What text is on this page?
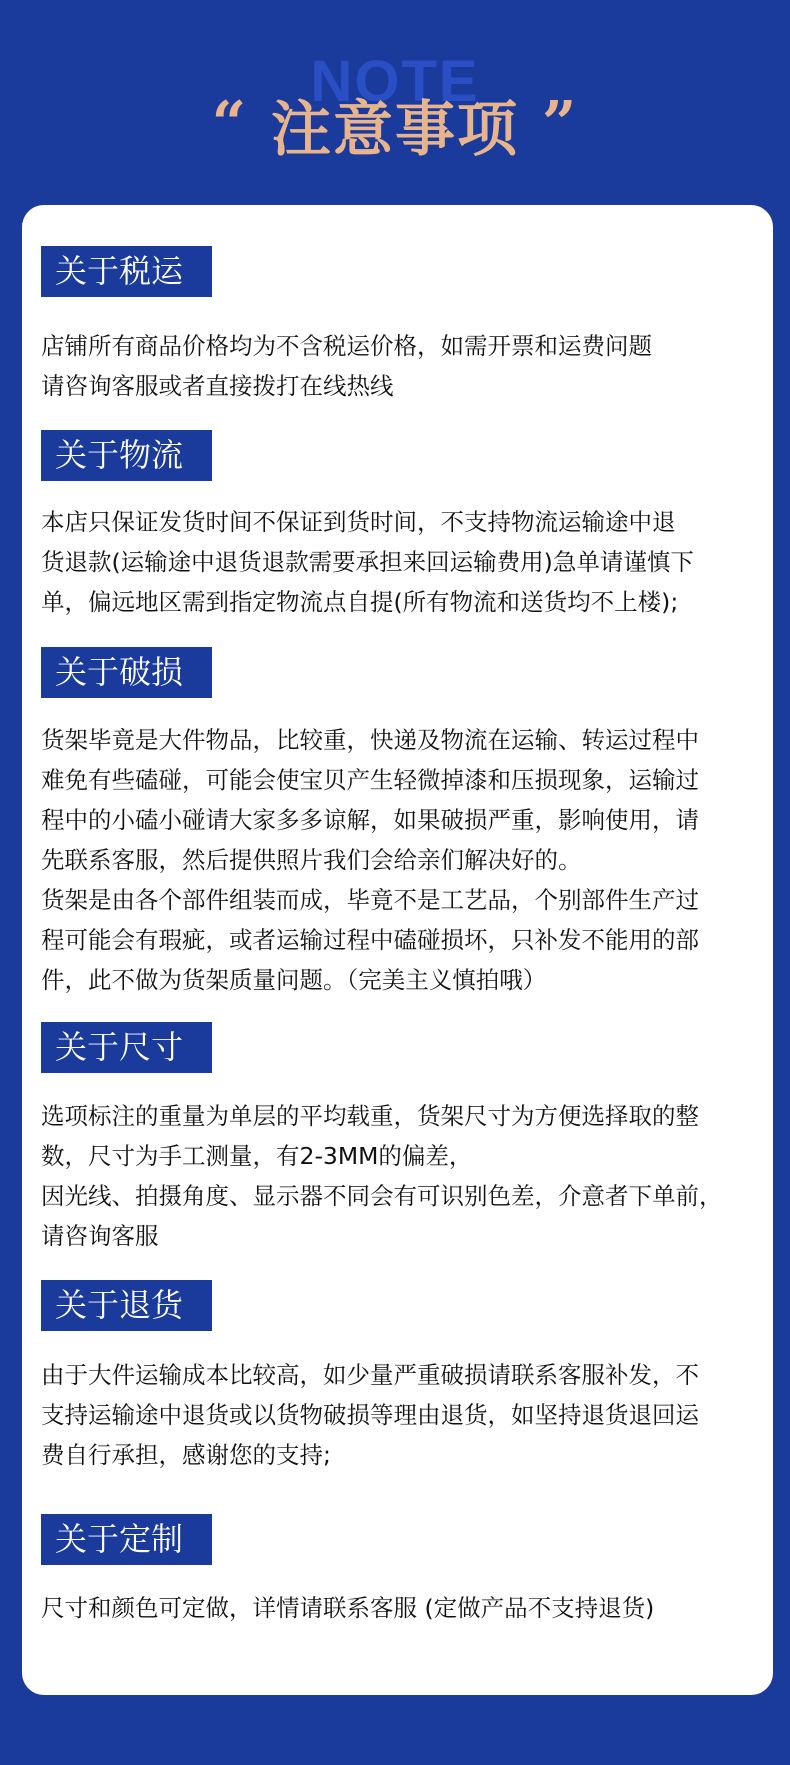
NOTE
“ 注意事项 ”
关于税运
店铺所有商品价格均为不含税运价格，如需开票和运费问题
请咨询客服或者直接拨打在线热线
关于物流
本店只保证发货时间不保证到货时间，不支持物流运输途中退
货退款(运输途中退货退款需要承担来回运输费用)急单请谨慎下
单，偏远地区需到指定物流点自提(所有物流和送货均不上楼);
关于破损
货架毕竟是大件物品，比较重，快递及物流在运输、转运过程中
难免有些磕碰，可能会使宝贝产生轻微掉漆和压损现象，运输过
程中的小磕小碰请大家多多谅解，如果破损严重，影响使用，请
先联系客服，然后提供照片我们会给亲们解决好的。
货架是由各个部件组装而成，毕竟不是工艺品，个别部件生产过
程可能会有瑕疵，或者运输过程中磕碰损坏，只补发不能用的部
件，此不做为货架质量问题。（完美主义慎拍哦）
关于尺寸
选项标注的重量为单层的平均载重，货架尺寸为方便选择取的整
数，尺寸为手工测量，有2-3MM的偏差，
因光线、拍摄角度、显示器不同会有可识别色差，介意者下单前，
请咨询客服
关于退货
由于大件运输成本比较高，如少量严重破损请联系客服补发，不
支持运输途中退货或以货物破损等理由退货，如坚持退货退回运
费自行承担，感谢您的支持;
关于定制
尺寸和颜色可定做，详情请联系客服 (定做产品不支持退货)
